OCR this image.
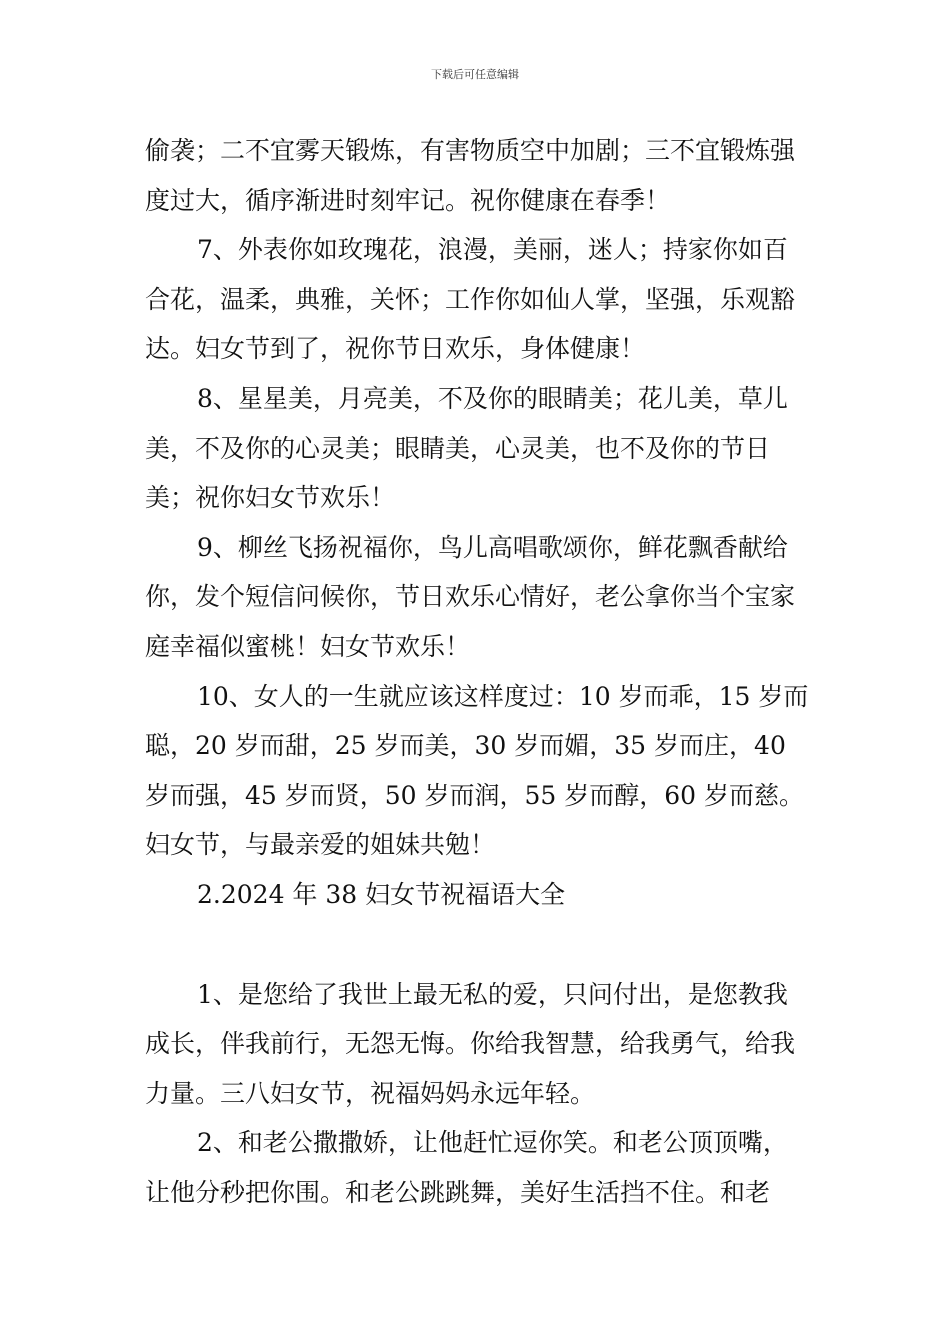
下载后可任意编辑

偷袭；二不宜雾天锻炼，有害物质空中加剧；三不宜锻炼强度过大，循序渐进时刻牢记。祝你健康在春季！

7、外表你如玫瑰花，浪漫，美丽，迷人；持家你如百合花，温柔，典雅，关怀；工作你如仙人掌，坚强，乐观豁达。妇女节到了，祝你节日欢乐，身体健康！

8、星星美，月亮美，不及你的眼睛美；花儿美，草儿美，不及你的心灵美；眼睛美，心灵美，也不及你的节日美；祝你妇女节欢乐！

9、柳丝飞扬祝福你，鸟儿高唱歌颂你，鲜花飘香献给你，发个短信问候你，节日欢乐心情好，老公拿你当个宝家庭幸福似蜜桃！妇女节欢乐！

10、女人的一生就应该这样度过：10 岁而乖，15 岁而聪，20 岁而甜，25 岁而美，30 岁而媚，35 岁而庄，40 岁而强，45 岁而贤，50 岁而润，55 岁而醇，60 岁而慈。妇女节，与最亲爱的姐妹共勉！

2.2024 年 38 妇女节祝福语大全

1、是您给了我世上最无私的爱，只问付出，是您教我成长，伴我前行，无怨无悔。你给我智慧，给我勇气，给我力量。三八妇女节，祝福妈妈永远年轻。

2、和老公撒撒娇，让他赶忙逗你笑。和老公顶顶嘴，让他分秒把你围。和老公跳跳舞，美好生活挡不住。和老
